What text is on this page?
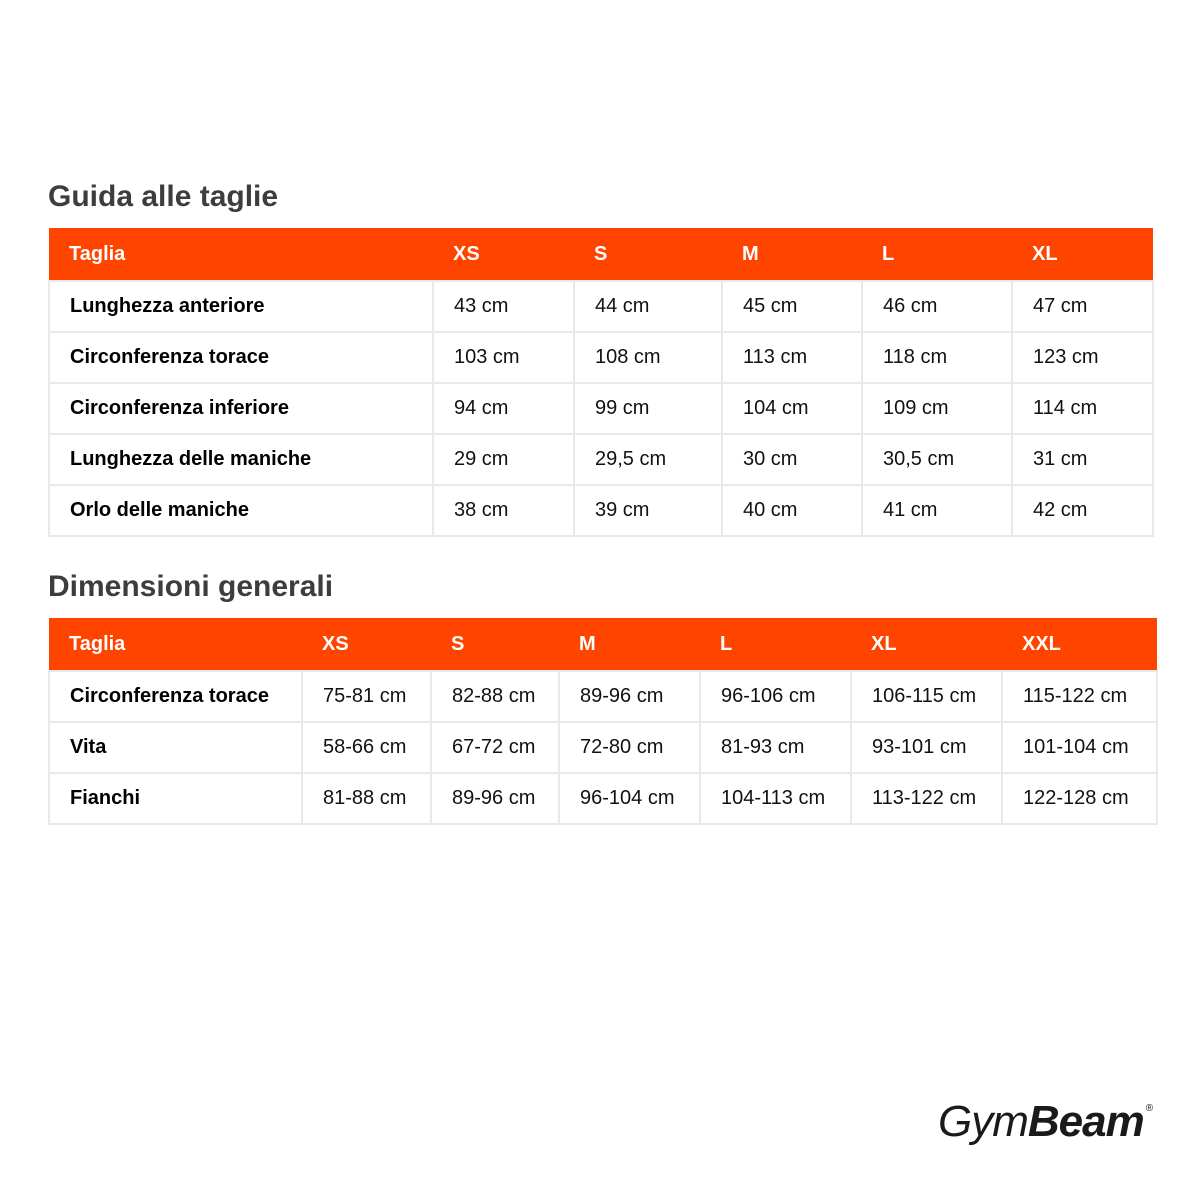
Guida alle taglie
Taglia	XS	S	M	L	XL
Lunghezza anteriore	43 cm	44 cm	45 cm	46 cm	47 cm
Circonferenza torace	103 cm	108 cm	113 cm	118 cm	123 cm
Circonferenza inferiore	94 cm	99 cm	104 cm	109 cm	114 cm
Lunghezza delle maniche	29 cm	29,5 cm	30 cm	30,5 cm	31 cm
Orlo delle maniche	38 cm	39 cm	40 cm	41 cm	42 cm
Dimensioni generali
Taglia	XS	S	M	L	XL	XXL
Circonferenza torace	75-81 cm	82-88 cm	89-96 cm	96-106 cm	106-115 cm	115-122 cm
Vita	58-66 cm	67-72 cm	72-80 cm	81-93 cm	93-101 cm	101-104 cm
Fianchi	81-88 cm	89-96 cm	96-104 cm	104-113 cm	113-122 cm	122-128 cm
GymBeam ®
